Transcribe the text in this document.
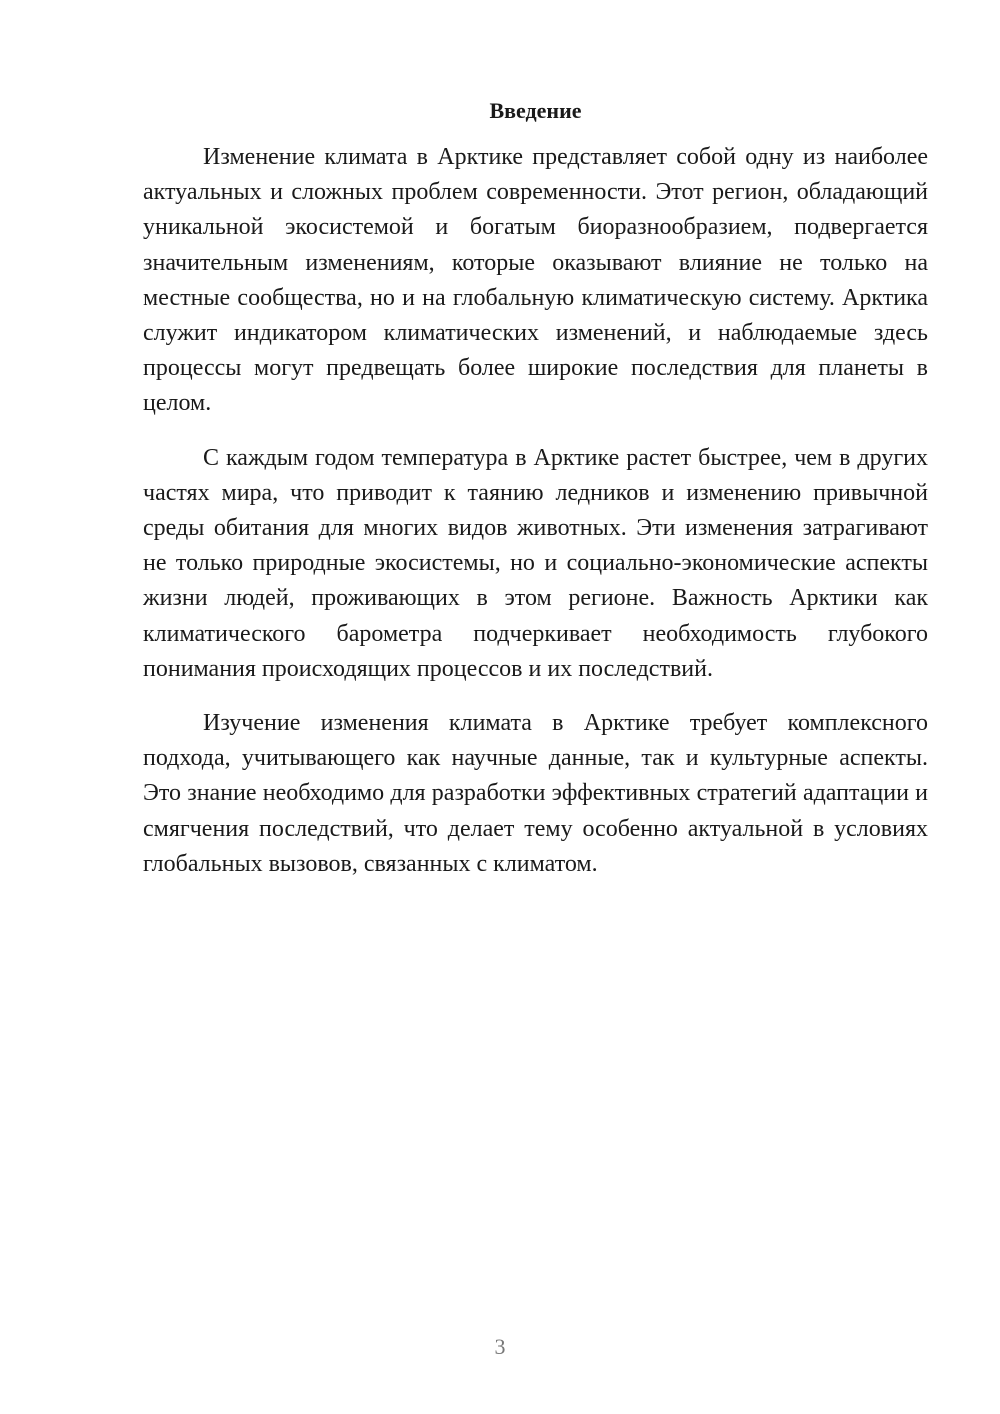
Введение

Изменение климата в Арктике представляет собой одну из наиболее актуальных и сложных проблем современности. Этот регион, обладающий уникальной экосистемой и богатым биоразнообразием, подвергается значительным изменениям, которые оказывают влияние не только на местные сообщества, но и на глобальную климатическую систему. Арктика служит индикатором климатических изменений, и наблюдаемые здесь процессы могут предвещать более широкие последствия для планеты в целом.

С каждым годом температура в Арктике растет быстрее, чем в других частях мира, что приводит к таянию ледников и изменению привычной среды обитания для многих видов животных. Эти изменения затрагивают не только природные экосистемы, но и социально-экономические аспекты жизни людей, проживающих в этом регионе. Важность Арктики как климатического барометра подчеркивает необходимость глубокого понимания происходящих процессов и их последствий.

Изучение изменения климата в Арктике требует комплексного подхода, учитывающего как научные данные, так и культурные аспекты. Это знание необходимо для разработки эффективных стратегий адаптации и смягчения последствий, что делает тему особенно актуальной в условиях глобальных вызовов, связанных с климатом.

3
